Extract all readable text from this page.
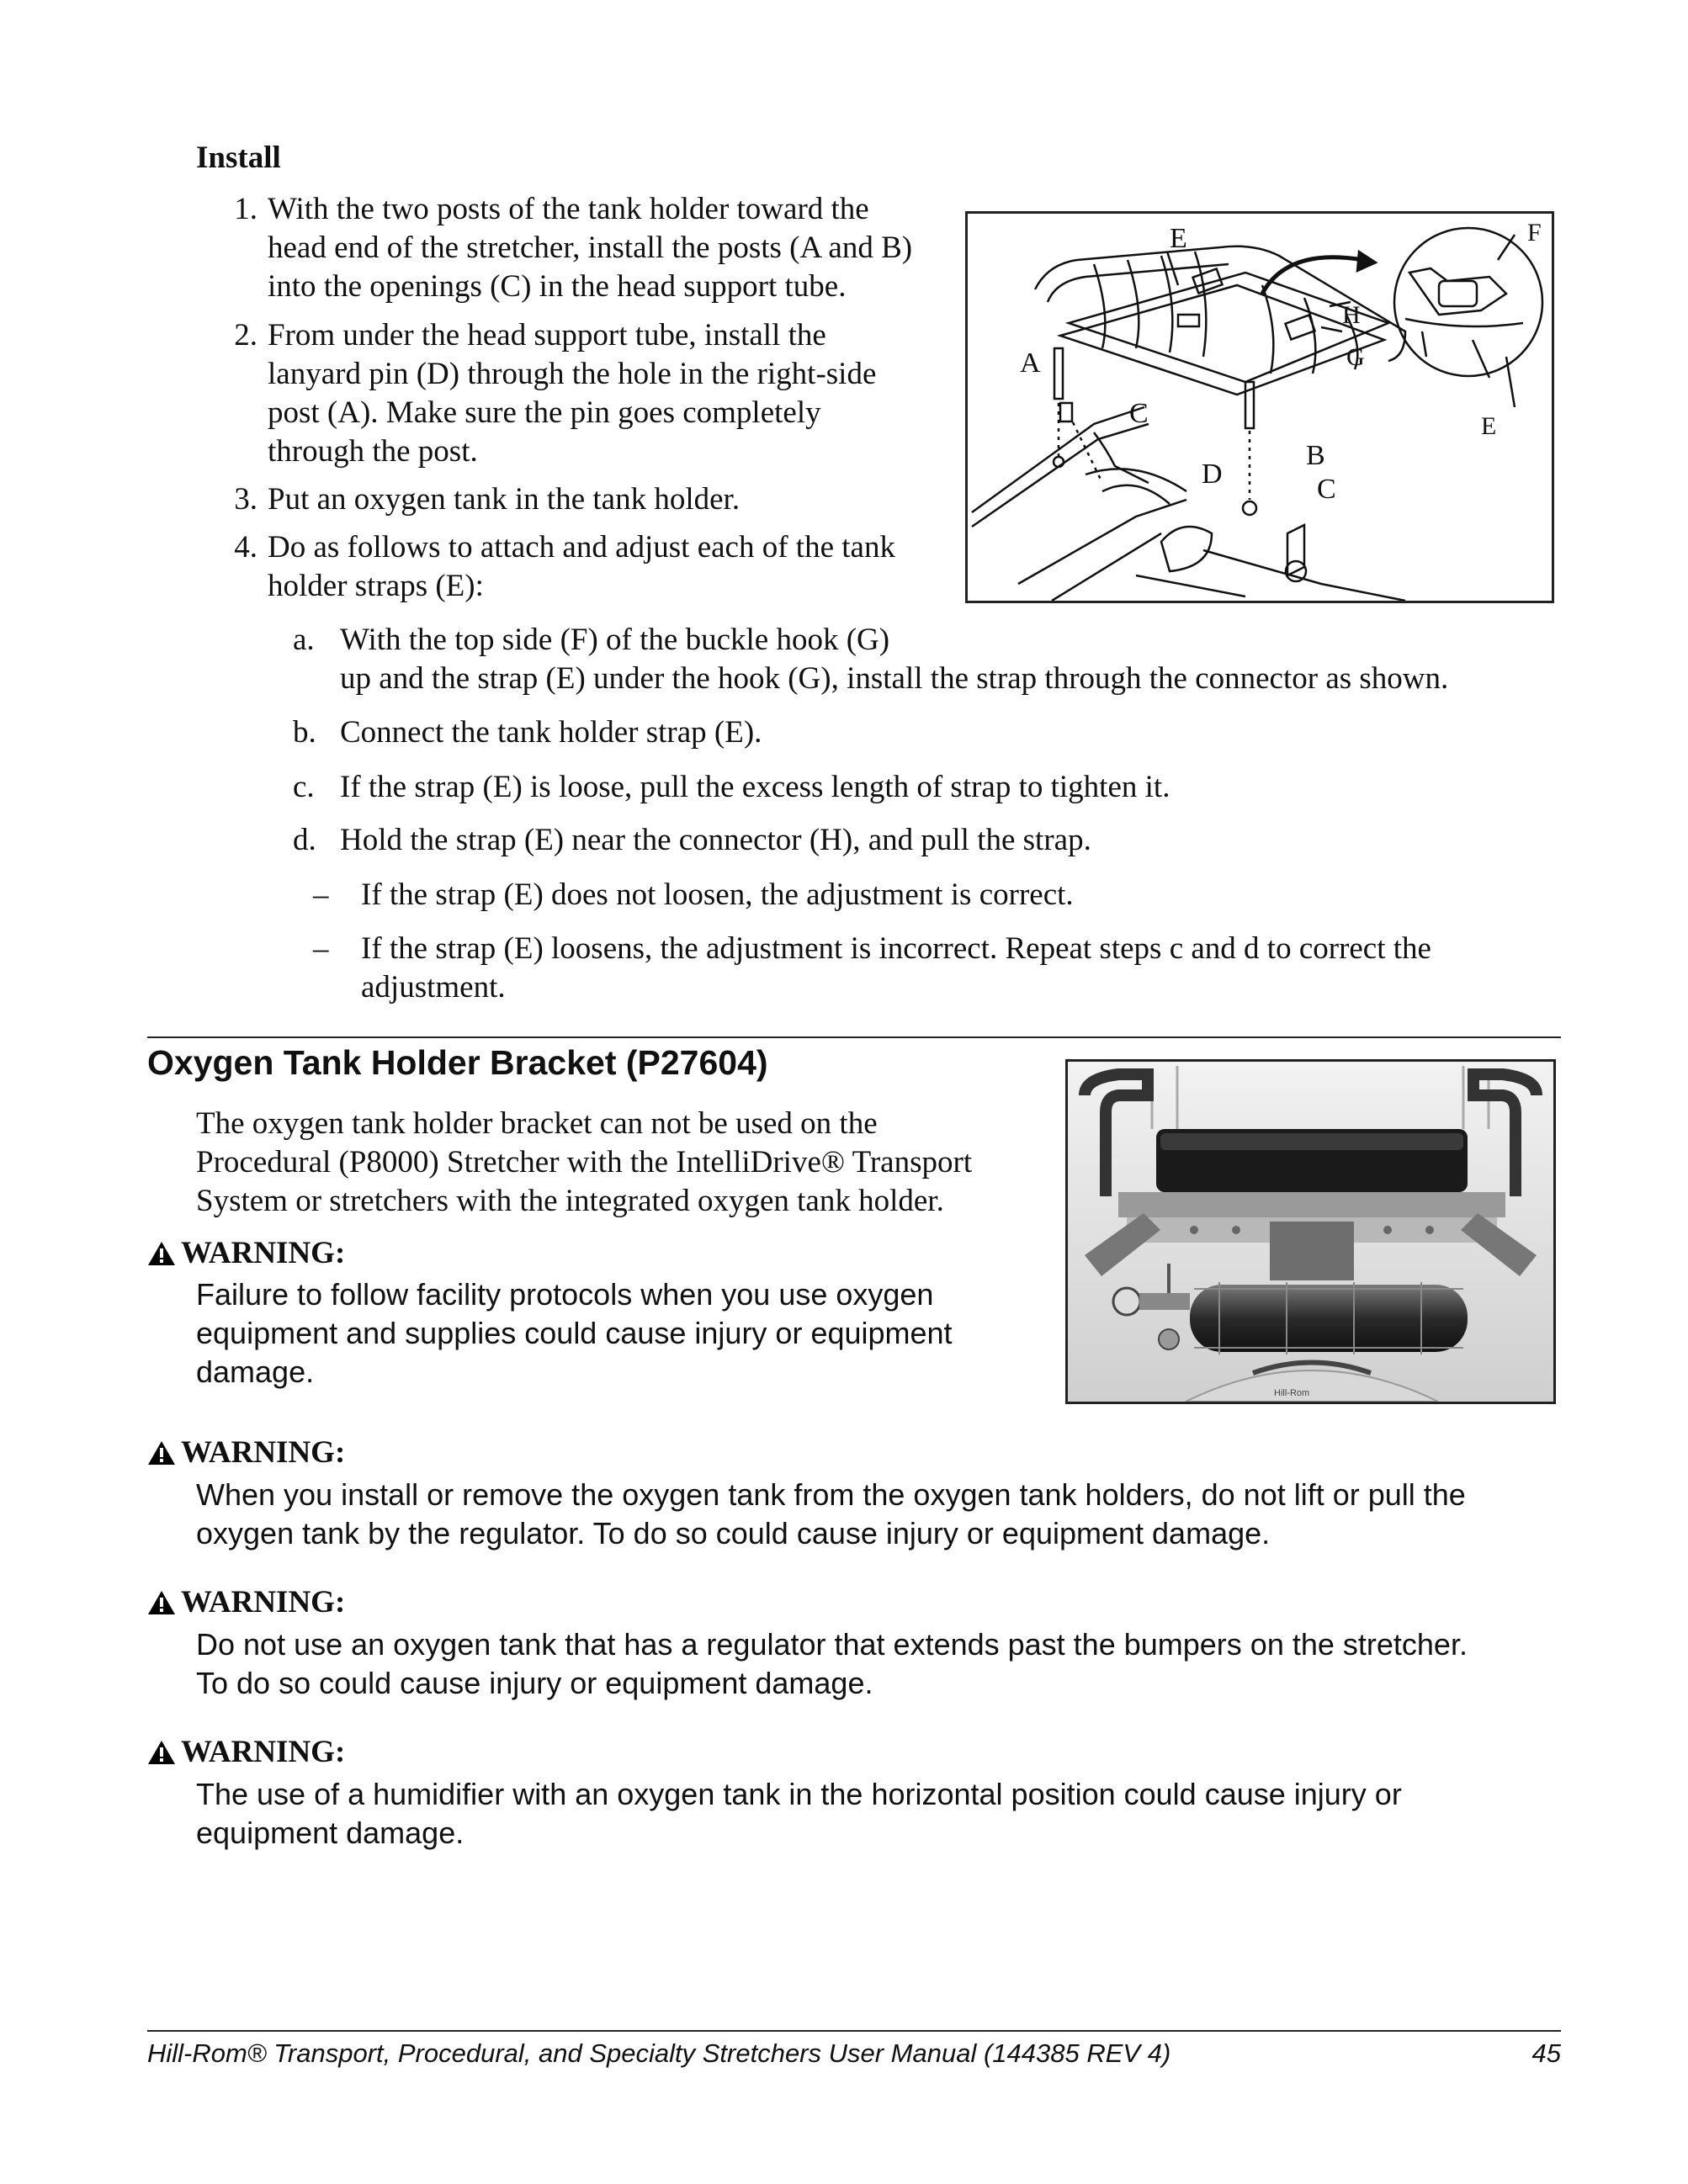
Install
1. With the two posts of the tank holder toward the
head end of the stretcher, install the posts (A and B)
into the openings (C) in the head support tube.
2. From under the head support tube, install the
lanyard pin (D) through the hole in the right-side
post (A). Make sure the pin goes completely
through the post.
3. Put an oxygen tank in the tank holder.
4. Do as follows to attach and adjust each of the tank
holder straps (E):
a. With the top side (F) of the buckle hook (G)
up and the strap (E) under the hook (G), install the strap through the connector as shown.
b. Connect the tank holder strap (E).
c. If the strap (E) is loose, pull the excess length of strap to tighten it.
d. Hold the strap (E) near the connector (H), and pull the strap.
– If the strap (E) does not loosen, the adjustment is correct.
– If the strap (E) loosens, the adjustment is incorrect. Repeat steps c and d to correct the
adjustment.
A
B
C
C
D
E
E
F
G
H
Oxygen Tank Holder Bracket (P27604)
The oxygen tank holder bracket can not be used on the
Procedural (P8000) Stretcher with the IntelliDrive® Transport
System or stretchers with the integrated oxygen tank holder.
Hill-Rom
WARNING:
Failure to follow facility protocols when you use oxygen
equipment and supplies could cause injury or equipment
damage.
WARNING:
When you install or remove the oxygen tank from the oxygen tank holders, do not lift or pull the
oxygen tank by the regulator. To do so could cause injury or equipment damage.
WARNING:
Do not use an oxygen tank that has a regulator that extends past the bumpers on the stretcher.
To do so could cause injury or equipment damage.
WARNING:
The use of a humidifier with an oxygen tank in the horizontal position could cause injury or
equipment damage.
Hill-Rom® Transport, Procedural, and Specialty Stretchers User Manual (144385 REV 4)	45
